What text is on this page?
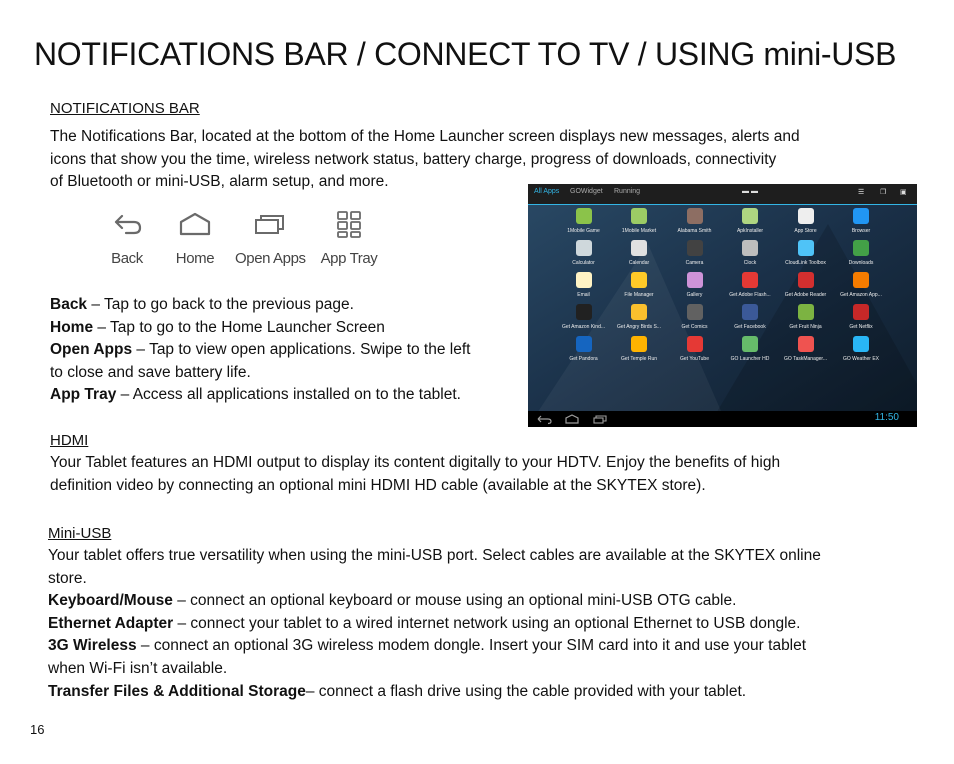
NOTIFICATIONS BAR / CONNECT TO TV / USING mini-USB
NOTIFICATIONS BAR
The Notifications Bar, located at the bottom of the Home Launcher screen displays new messages, alerts and
icons that show you the time, wireless network status, battery charge, progress of downloads, connectivity
of Bluetooth or mini-USB, alarm setup, and more.
Back	Home	Open Apps App Tray
Back – Tap to go back to the previous page.
Home – Tap to go to the Home Launcher Screen
Open Apps – Tap to view open applications. Swipe to the left
to close and save battery life.
App Tray – Access all applications installed on to the tablet.
All Apps GOWidget Running	▬ ▬	☰ ❐ ▣
1Mobile Game	1Mobile Market	Alabama Smith	ApkInstaller	App Store	Browser
Calculator	Calendar	Camera	Clock	CloudLink Toolbox	Downloads
Email	File Manager	Gallery	Get Adobe Flash...	Get Adobe Reader	Get Amazon App...
Get Amazon Kind...	Get Angry Birds S...	Get Comics	Get Facebook	Get Fruit Ninja	Get Netflix
Get Pandora	Get Temple Run	Get YouTube	GO Launcher HD	GO TaskManager...	GO Weather EX
11:50
HDMI
Your Tablet features an HDMI output to display its content digitally to your HDTV. Enjoy the benefits of high
definition video by connecting an optional mini HDMI HD cable (available at the SKYTEX store).
Mini-USB
Your tablet offers true versatility when using the mini-USB port. Select cables are available at the SKYTEX online
store.
Keyboard/Mouse – connect an optional keyboard or mouse using an optional mini-USB OTG cable.
Ethernet Adapter – connect your tablet to a wired internet network using an optional Ethernet to USB dongle.
3G Wireless – connect an optional 3G wireless modem dongle. Insert your SIM card into it and use your tablet
when Wi-Fi isn’t available.
Transfer Files & Additional Storage– connect a flash drive using the cable provided with your tablet.
16
